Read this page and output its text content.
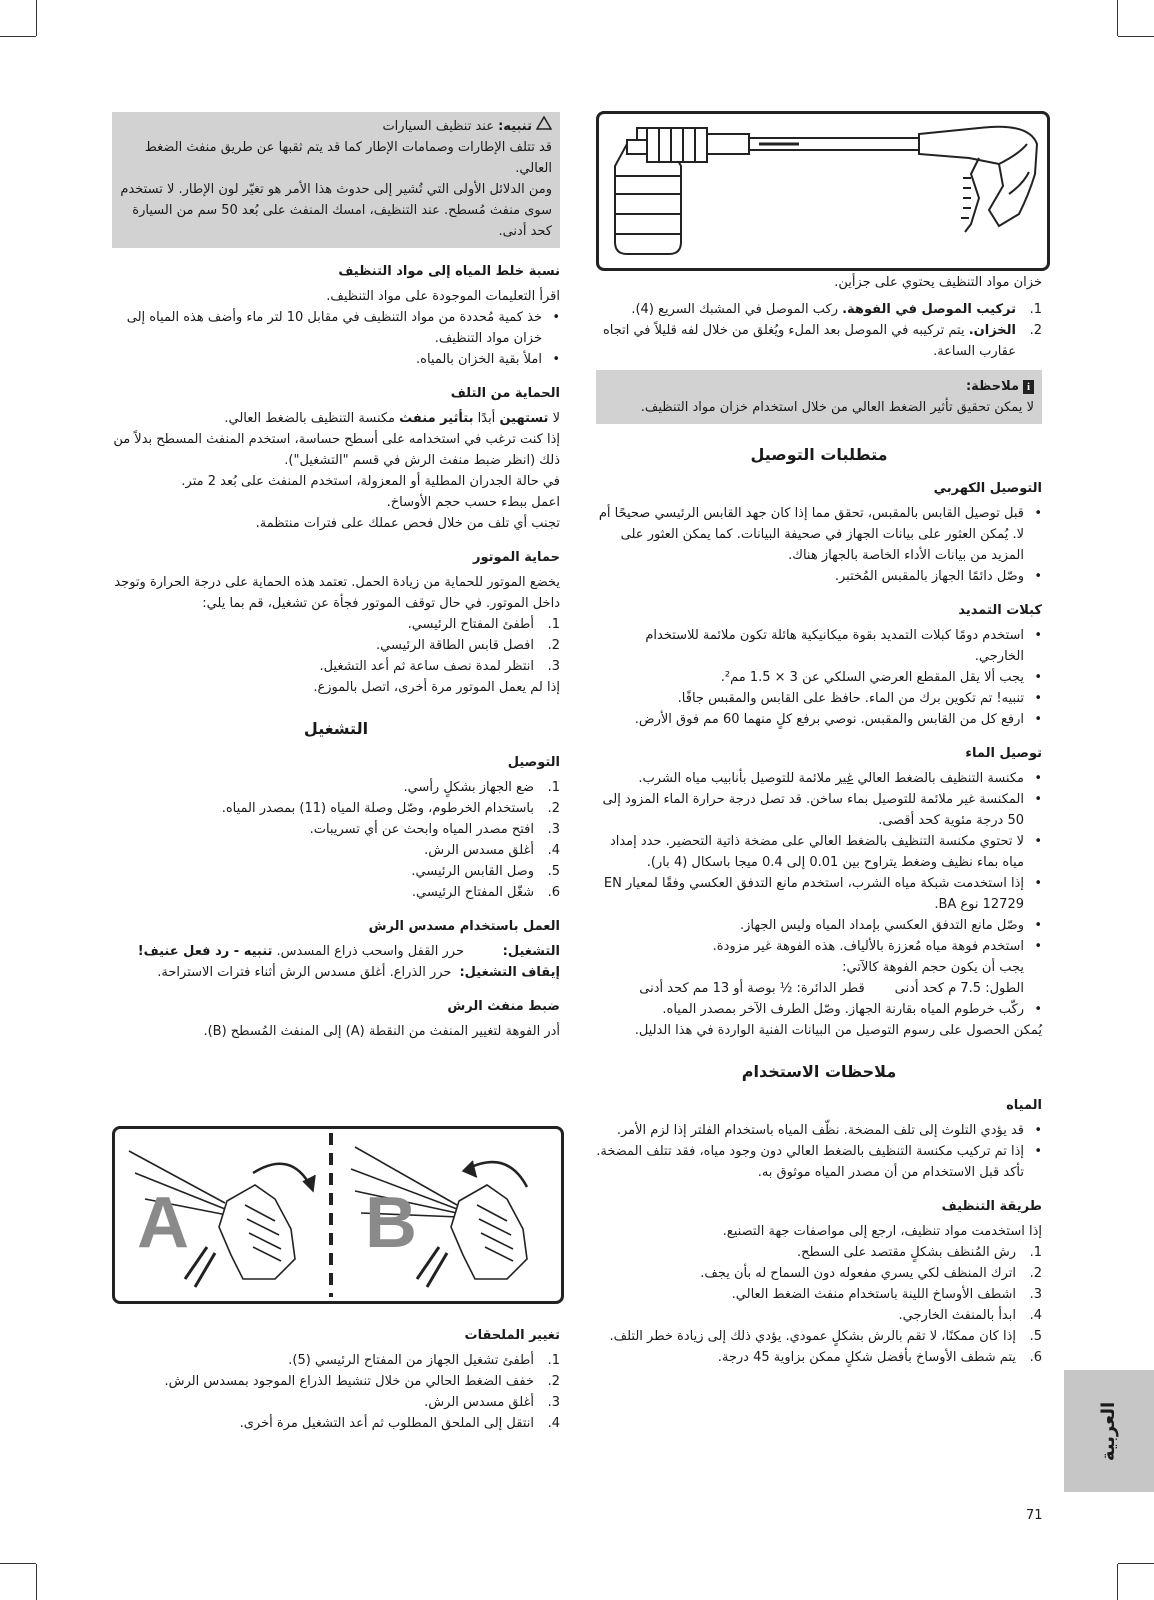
خزان مواد التنظيف يحتوي على جزأين.

1.
تركيب الموصل في الفوهة. ركب الموصل في المشبك السريع (4).
2.
الخزان. يتم تركيبه في الموصل بعد الملء ويُغلق من خلال لفه قليلاً في اتجاه عقارب الساعة.
iملاحظة:

لا يمكن تحقيق تأثير الضغط العالي من خلال استخدام خزان مواد التنظيف.

متطلبات التوصيل
التوصيل الكهربي
• قبل توصيل القابس بالمقبس، تحقق مما إذا كان جهد القابس الرئيسي صحيحًا أم لا. يُمكن العثور على بيانات الجهاز في صحيفة البيانات. كما يمكن العثور على المزيد من بيانات الأداء الخاصة بالجهاز هناك.
• وصّل دائمًا الجهاز بالمقبس المُختبر.
كبلات التمديد
• استخدم دومًا كبلات التمديد بقوة ميكانيكية هائلة تكون ملائمة للاستخدام الخارجي.
• يجب ألا يقل المقطع العرضي السلكي عن 3 × 1.5 مم².
• تنبيه! تم تكوين برك من الماء. حافظ على القابس والمقبس جافًا.
• ارفع كل من القابس والمقبس. نوصي برفع كلٍ منهما 60 مم فوق الأرض.
توصيل الماء
• مكنسة التنظيف بالضغط العالي غير ملائمة للتوصيل بأنابيب مياه الشرب.
• المكنسة غير ملائمة للتوصيل بماء ساخن. قد تصل درجة حرارة الماء المزود إلى 50 درجة مئوية كحد أقصى.
• لا تحتوي مكنسة التنظيف بالضغط العالي على مضخة ذاتية التحضير. حدد إمداد مياه بماء نظيف وضغط يتراوح بين 0.01 إلى 0.4 ميجا باسكال (4 بار).
• إذا استخدمت شبكة مياه الشرب، استخدم مانع التدفق العكسي وفقًا لمعيار EN 12729 نوع BA.
• وصّل مانع التدفق العكسي بإمداد المياه وليس الجهاز.
• استخدم فوهة مياه مُعززة بالألياف. هذه الفوهة غير مزودة.

يجب أن يكون حجم الفوهة كالآتي:

الطول: 7.5 م كحد أدنى
قطر الدائرة: ½ بوصة أو 13 مم كحد أدنى
• ركّب خرطوم المياه بقارنة الجهاز. وصّل الطرف الآخر بمصدر المياه.

يُمكن الحصول على رسوم التوصيل من البيانات الفنية الواردة في هذا الدليل.

ملاحظات الاستخدام
المياه
• قد يؤدي التلوث إلى تلف المضخة. نظّف المياه باستخدام الفلتر إذا لزم الأمر.
• إذا تم تركيب مكنسة التنظيف بالضغط العالي دون وجود مياه، فقد تتلف المضخة. تأكد قبل الاستخدام من أن مصدر المياه موثوق به.
طريقة التنظيف

إذا استخدمت مواد تنظيف، ارجع إلى مواصفات جهة التصنيع.

1.
رش المُنظف بشكلٍ مقتصد على السطح.
2.
اترك المنظف لكي يسري مفعوله دون السماح له بأن يجف.
3.
اشطف الأوساخ اللينة باستخدام منفث الضغط العالي.
4.
ابدأ بالمنفث الخارجي.
5.
إذا كان ممكنًا، لا تقم بالرش بشكلٍ عمودي. يؤدي ذلك إلى زيادة خطر التلف.
6.
يتم شطف الأوساخ بأفضل شكلٍ ممكن بزاوية 45 درجة.
تنبيه: عند تنظيف السيارات

قد تتلف الإطارات وصمامات الإطار كما قد يتم ثقبها عن طريق منفث الضغط العالي.

ومن الدلائل الأولى التي تُشير إلى حدوث هذا الأمر هو تغيّر لون الإطار. لا تستخدم سوى منفث مُسطح. عند التنظيف، امسك المنفث على بُعد 50 سم من السيارة كحد أدنى.

نسبة خلط المياه إلى مواد التنظيف

اقرأ التعليمات الموجودة على مواد التنظيف.

• خذ كمية مُحددة من مواد التنظيف في مقابل 10 لتر ماء وأضف هذه المياه إلى خزان مواد التنظيف.
• املأ بقية الخزان بالمياه.
الحماية من التلف

لا تستهين أبدًا بتأثير منفث مكنسة التنظيف بالضغط العالي.

إذا كنت ترغب في استخدامه على أسطح حساسة، استخدم المنفث المسطح بدلاً من ذلك (انظر ضبط منفث الرش في قسم "التشغيل").

في حالة الجدران المطلية أو المعزولة، استخدم المنفث على بُعد 2 متر.

اعمل ببطء حسب حجم الأوساخ.

تجنب أي تلف من خلال فحص عملك على فترات منتظمة.

حماية الموتور

يخضع الموتور للحماية من زيادة الحمل. تعتمد هذه الحماية على درجة الحرارة وتوجد داخل الموتور. في حال توقف الموتور فجأة عن تشغيل، قم بما يلي:

1.
أطفئ المفتاح الرئيسي.
2.
افصل قابس الطاقة الرئيسي.
3.
انتظر لمدة نصف ساعة ثم أعد التشغيل.

إذا لم يعمل الموتور مرة أخرى، اتصل بالموزع.

التشغيل
التوصيل
1.
ضع الجهاز بشكلٍ رأسي.
2.
باستخدام الخرطوم، وصّل وصلة المياه (11) بمصدر المياه.
3.
افتح مصدر المياه وابحث عن أي تسريبات.
4.
أغلق مسدس الرش.
5.
وصل القابس الرئيسي.
6.
شغّل المفتاح الرئيسي.
العمل باستخدام مسدس الرش
التشغيل:
حرر القفل واسحب ذراع المسدس. تنبيه - رد فعل عنيف!
إيقاف التشغيل:
حرر الذراع. أغلق مسدس الرش أثناء فترات الاستراحة.
ضبط منفث الرش

أدر الفوهة لتغيير المنفث من النقطة (A) إلى المنفث المُسطح (B).

A B
تغيير الملحقات
1.
أطفئ تشغيل الجهاز من المفتاح الرئيسي (5).
2.
خفف الضغط الحالي من خلال تنشيط الذراع الموجود بمسدس الرش.
3.
أغلق مسدس الرش.
4.
انتقل إلى الملحق المطلوب ثم أعد التشغيل مرة أخرى.	العربية
71
